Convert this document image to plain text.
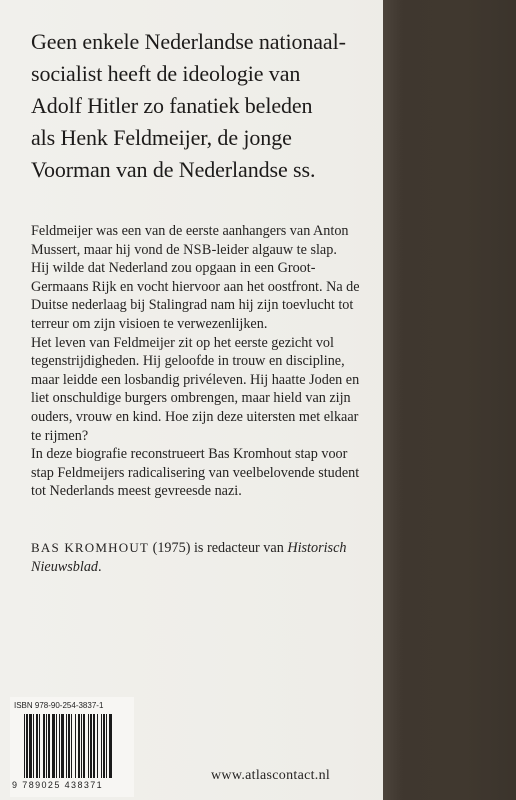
Geen enkele Nederlandse nationaal-
socialist heeft de ideologie van
Adolf Hitler zo fanatiek beleden
als Henk Feldmeijer, de jonge
Voorman van de Nederlandse ss.
Feldmeijer was een van de eerste aanhangers van Anton
Mussert, maar hij vond de NSB-leider algauw te slap.
Hij wilde dat Nederland zou opgaan in een Groot-
Germaans Rijk en vocht hiervoor aan het oostfront. Na de
Duitse nederlaag bij Stalingrad nam hij zijn toevlucht tot
terreur om zijn visioen te verwezenlijken.
Het leven van Feldmeijer zit op het eerste gezicht vol
tegenstrijdigheden. Hij geloofde in trouw en discipline,
maar leidde een losbandig privéleven. Hij haatte Joden en
liet onschuldige burgers ombrengen, maar hield van zijn
ouders, vrouw en kind. Hoe zijn deze uitersten met elkaar
te rijmen?
In deze biografie reconstrueert Bas Kromhout stap voor
stap Feldmeijers radicalisering van veelbelovende student
tot Nederlands meest gevreesde nazi.
BAS KROMHOUT (1975) is redacteur van Historisch
Nieuwsblad.
ISBN 978-90-254-3837-1
9 789025 438371
www.atlascontact.nl
